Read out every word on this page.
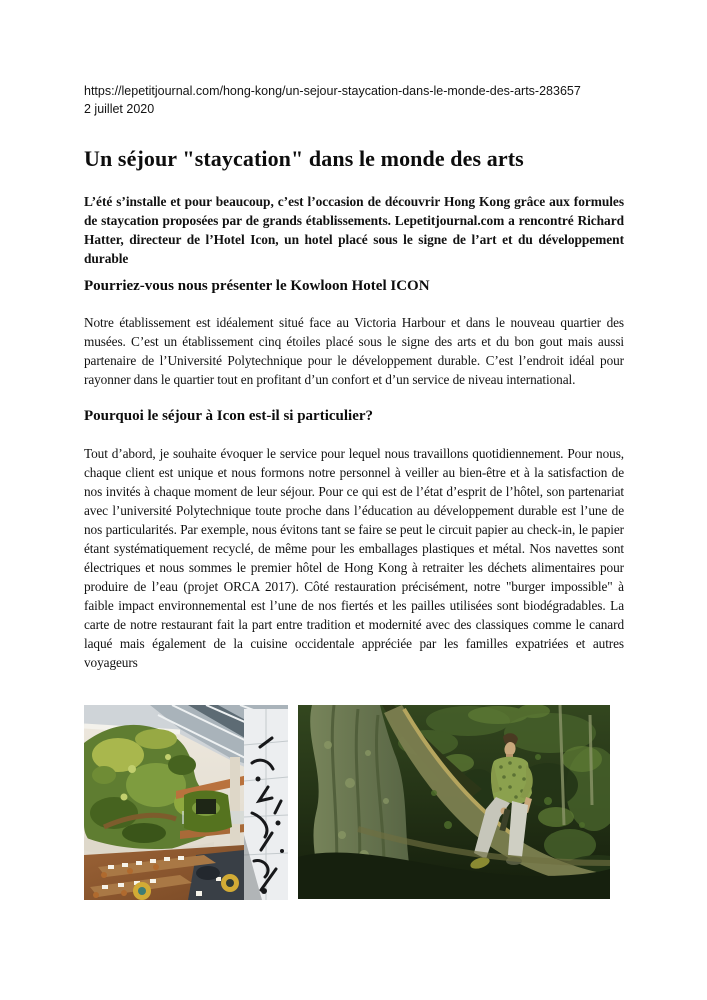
https://lepetitjournal.com/hong-kong/un-sejour-staycation-dans-le-monde-des-arts-283657
2 juillet 2020
Un séjour "staycation" dans le monde des arts

L’été s’installe et pour beaucoup, c’est l’occasion de découvrir Hong Kong grâce aux formules de staycation proposées par de grands établissements. Lepetitjournal.com a rencontré Richard Hatter, directeur de l’Hotel Icon, un hotel placé sous le signe de l’art et du développement durable

Pourriez-vous nous présenter le Kowloon Hotel ICON

Notre établissement est idéalement situé face au Victoria Harbour et dans le nouveau quartier des musées. C’est un établissement cinq étoiles placé sous le signe des arts et du bon gout mais aussi partenaire de l’Université Polytechnique pour le développement durable. C’est l’endroit idéal pour rayonner dans le quartier tout en profitant d’un confort et d’un service de niveau international.

Pourquoi le séjour à Icon est-il si particulier?

Tout d’abord, je souhaite évoquer le service pour lequel nous travaillons quotidiennement. Pour nous, chaque client est unique et nous formons notre personnel à veiller au bien-être et à la satisfaction de nos invités à chaque moment de leur séjour. Pour ce qui est de l’état d’esprit de l’hôtel, son partenariat avec l’université Polytechnique toute proche dans l’éducation au développement durable est l’une de nos particularités. Par exemple, nous évitons tant se faire se peut le circuit papier au check-in, le papier étant systématiquement recyclé, de même pour les emballages plastiques et métal. Nos navettes sont électriques et nous sommes le premier hôtel de Hong Kong à retraiter les déchets alimentaires pour produire de l’eau (projet ORCA 2017). Côté restauration précisément, notre "burger impossible" à faible impact environnemental est l’une de nos fiertés et les pailles utilisées sont biodégradables. La carte de notre restaurant fait la part entre tradition et modernité avec des classiques comme le canard laqué mais également de la cuisine occidentale appréciée par les familles expatriées et autres voyageurs
